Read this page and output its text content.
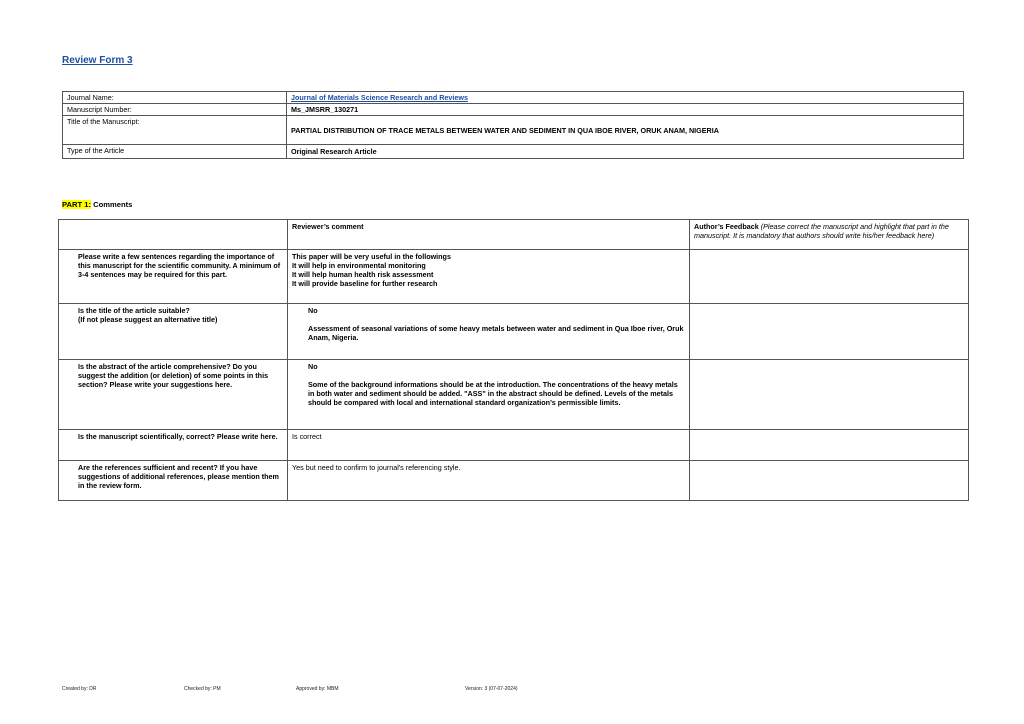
Review Form 3
Journal Name:	Journal of Materials Science Research and Reviews
Manuscript Number:	Ms_JMSRR_130271
Title of the Manuscript:	PARTIAL DISTRIBUTION OF TRACE METALS BETWEEN WATER AND SEDIMENT IN QUA IBOE RIVER, ORUK ANAM, NIGERIA
Type of the Article	Original Research Article
PART 1: Comments
	Reviewer’s comment	Author’s Feedback (Please correct the manuscript and highlight that part in the manuscript. It is mandatory that authors should write his/her feedback here)
Please write a few sentences regarding the importance of this manuscript for the scientific community. A minimum of 3-4 sentences may be required for this part.	This paper will be very useful in the followings
It will help in environmental monitoring
It will help human health risk assessment
It will provide baseline for further research	

Is the title of the article suitable?
(If not please suggest an alternative title)	No
Assessment of seasonal variations of some heavy metals between water and sediment in Qua Iboe river, Oruk Anam, Nigeria.	

Is the abstract of the article comprehensive? Do you suggest the addition (or deletion) of some points in this section? Please write your suggestions here.	No
Some of the background informations should be at the introduction. The concentrations of the heavy metals in both water and sediment should be added. "ASS" in the abstract should be defined. Levels of the metals should be compared with local and international standard organization’s permissible limits.	

Is the manuscript scientifically, correct? Please write here.	Is correct	
Are the references sufficient and recent? If you have suggestions of additional references, please mention them in the review form.	Yes but need to confirm to journal's referencing style.	
Created by: DR	Checked by: PM	Approved by: MBM	Version: 3 (07-07-2024)
